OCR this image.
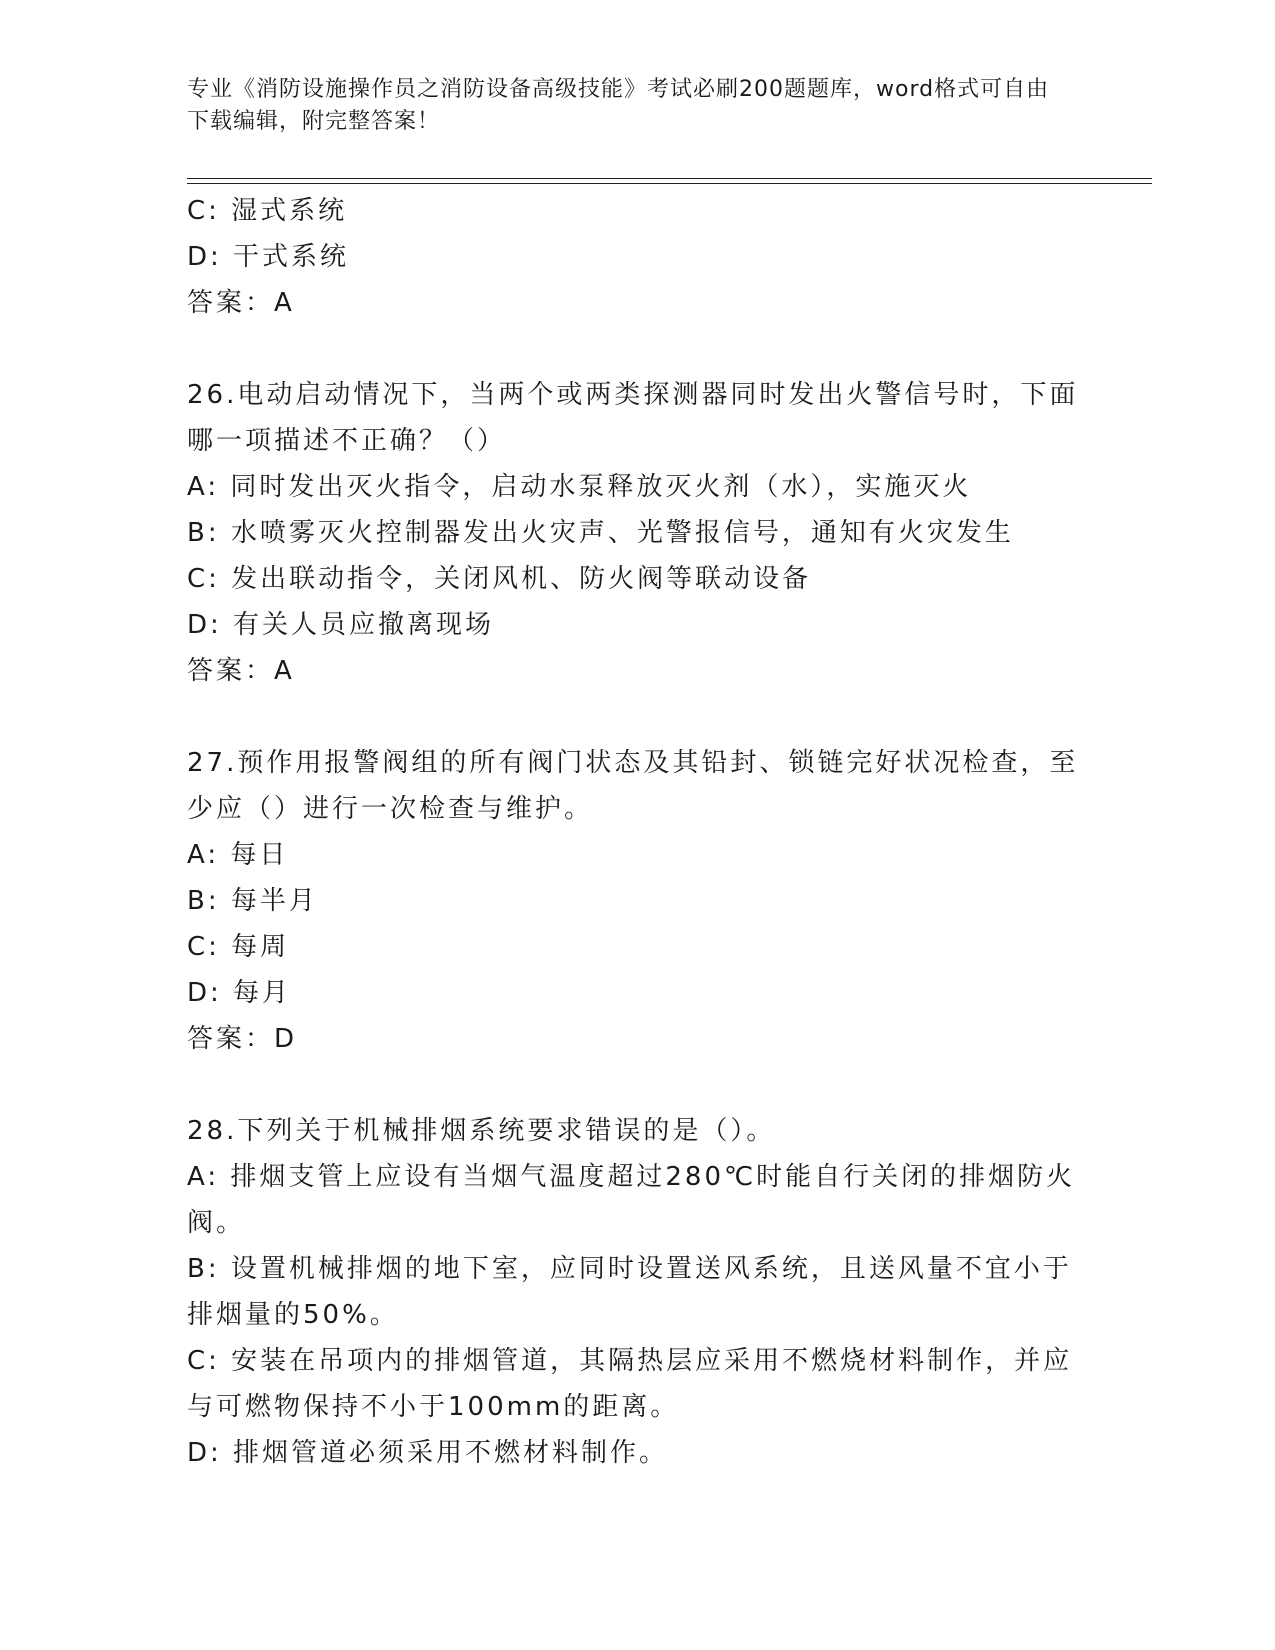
专业《消防设施操作员之消防设备高级技能》考试必刷200题题库，word格式可自由下载编辑，附完整答案！
C: 湿式系统
D: 干式系统
答案：A
26.电动启动情况下，当两个或两类探测器同时发出火警信号时，下面
哪一项描述不正确？（）
A: 同时发出灭火指令，启动水泵释放灭火剂（水），实施灭火
B: 水喷雾灭火控制器发出火灾声、光警报信号，通知有火灾发生
C: 发出联动指令，关闭风机、防火阀等联动设备
D: 有关人员应撤离现场
答案：A
27.预作用报警阀组的所有阀门状态及其铅封、锁链完好状况检查，至
少应（）进行一次检查与维护。
A: 每日
B: 每半月
C: 每周
D: 每月
答案：D
28.下列关于机械排烟系统要求错误的是（）。
A: 排烟支管上应设有当烟气温度超过280℃时能自行关闭的排烟防火
阀。
B: 设置机械排烟的地下室，应同时设置送风系统，且送风量不宜小于
排烟量的50%。
C: 安装在吊项内的排烟管道，其隔热层应采用不燃烧材料制作，并应
与可燃物保持不小于100mm的距离。
D: 排烟管道必须采用不燃材料制作。
